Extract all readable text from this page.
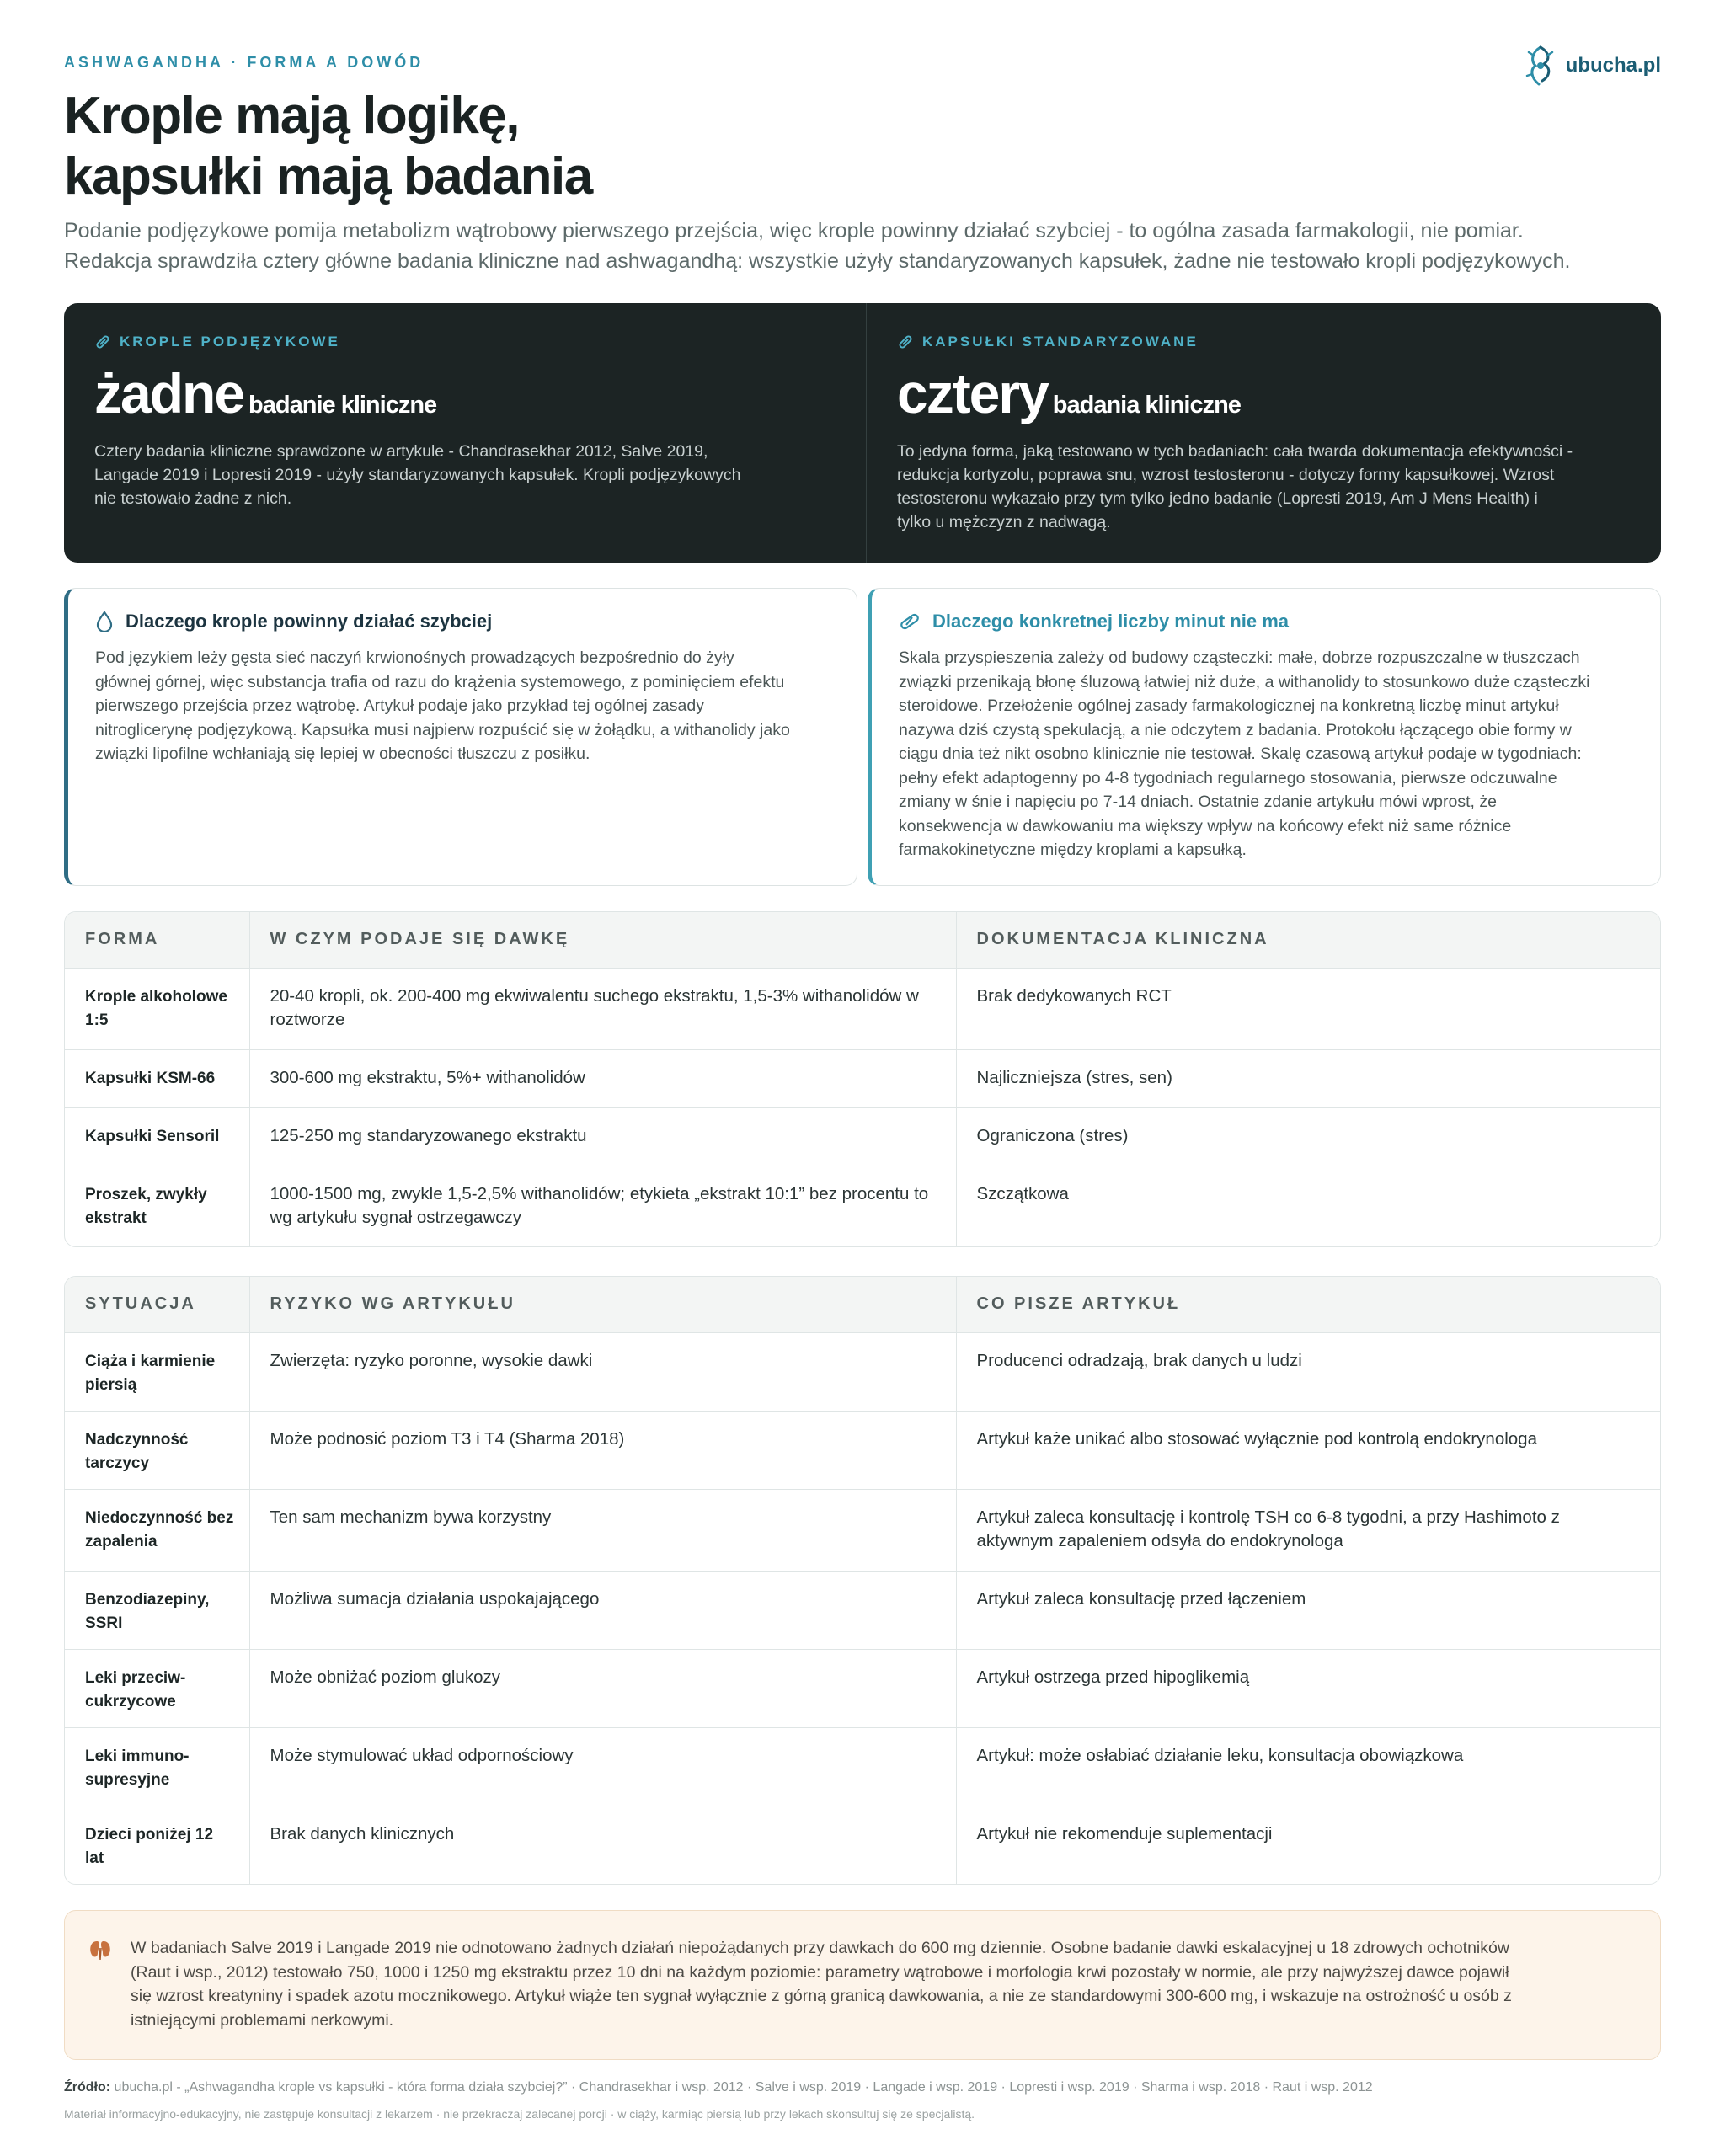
ASHWAGANDHA · FORMA A DOWÓD	ubucha.pl
Krople mają logikę,
kapsułki mają badania

Podanie podjęzykowe pomija metabolizm wątrobowy pierwszego przejścia, więc krople powinny działać szybciej - to ogólna zasada farmakologii, nie pomiar.
Redakcja sprawdziła cztery główne badania kliniczne nad ashwagandhą: wszystkie użyły standaryzowanych kapsułek, żadne nie testowało kropli podjęzykowych.

KROPLE PODJĘZYKOWE
żadne badanie kliniczne

Cztery badania kliniczne sprawdzone w artykule - Chandrasekhar 2012, Salve 2019,
Langade 2019 i Lopresti 2019 - użyły standaryzowanych kapsułek. Kropli podjęzykowych
nie testowało żadne z nich.

KAPSUŁKI STANDARYZOWANE
cztery badania kliniczne

To jedyna forma, jaką testowano w tych badaniach: cała twarda dokumentacja efektywności -
redukcja kortyzolu, poprawa snu, wzrost testosteronu - dotyczy formy kapsułkowej. Wzrost
testosteronu wykazało przy tym tylko jedno badanie (Lopresti 2019, Am J Mens Health) i
tylko u mężczyzn z nadwagą.

Dlaczego krople powinny działać szybciej

Pod językiem leży gęsta sieć naczyń krwionośnych prowadzących bezpośrednio do żyły
głównej górnej, więc substancja trafia od razu do krążenia systemowego, z pominięciem efektu
pierwszego przejścia przez wątrobę. Artykuł podaje jako przykład tej ogólnej zasady
nitroglicerynę podjęzykową. Kapsułka musi najpierw rozpuścić się w żołądku, a withanolidy jako
związki lipofilne wchłaniają się lepiej w obecności tłuszczu z posiłku.

Dlaczego konkretnej liczby minut nie ma

Skala przyspieszenia zależy od budowy cząsteczki: małe, dobrze rozpuszczalne w tłuszczach
związki przenikają błonę śluzową łatwiej niż duże, a withanolidy to stosunkowo duże cząsteczki
steroidowe. Przełożenie ogólnej zasady farmakologicznej na konkretną liczbę minut artykuł
nazywa dziś czystą spekulacją, a nie odczytem z badania. Protokołu łączącego obie formy w
ciągu dnia też nikt osobno klinicznie nie testował. Skalę czasową artykuł podaje w tygodniach:
pełny efekt adaptogenny po 4-8 tygodniach regularnego stosowania, pierwsze odczuwalne
zmiany w śnie i napięciu po 7-14 dniach. Ostatnie zdanie artykułu mówi wprost, że
konsekwencja w dawkowaniu ma większy wpływ na końcowy efekt niż same różnice
farmakokinetyczne między kroplami a kapsułką.

FORMA	W CZYM PODAJE SIĘ DAWKĘ	DOKUMENTACJA KLINICZNA
Krople alkoholowe 1:5	20-40 kropli, ok. 200-400 mg ekwiwalentu suchego ekstraktu, 1,5-3% withanolidów w roztworze	Brak dedykowanych RCT
Kapsułki KSM-66	300-600 mg ekstraktu, 5%+ withanolidów	Najliczniejsza (stres, sen)
Kapsułki Sensoril	125-250 mg standaryzowanego ekstraktu	Ograniczona (stres)
Proszek, zwykły ekstrakt	1000-1500 mg, zwykle 1,5-2,5% withanolidów; etykieta „ekstrakt 10:1” bez procentu to wg artykułu sygnał ostrzegawczy	Szczątkowa
SYTUACJA	RYZYKO WG ARTYKUŁU	CO PISZE ARTYKUŁ
Ciąża i karmienie piersią	Zwierzęta: ryzyko poronne, wysokie dawki	Producenci odradzają, brak danych u ludzi
Nadczynność tarczycy	Może podnosić poziom T3 i T4 (Sharma 2018)	Artykuł każe unikać albo stosować wyłącznie pod kontrolą endokrynologa
Niedoczynność bez zapalenia	Ten sam mechanizm bywa korzystny	Artykuł zaleca konsultację i kontrolę TSH co 6-8 tygodni, a przy Hashimoto z aktywnym zapaleniem odsyła do endokrynologa
Benzodiazepiny, SSRI	Możliwa sumacja działania uspokajającego	Artykuł zaleca konsultację przed łączeniem
Leki przeciw-cukrzycowe	Może obniżać poziom glukozy	Artykuł ostrzega przed hipoglikemią
Leki immuno-supresyjne	Może stymulować układ odpornościowy	Artykuł: może osłabiać działanie leku, konsultacja obowiązkowa
Dzieci poniżej 12 lat	Brak danych klinicznych	Artykuł nie rekomenduje suplementacji

W badaniach Salve 2019 i Langade 2019 nie odnotowano żadnych działań niepożądanych przy dawkach do 600 mg dziennie. Osobne badanie dawki eskalacyjnej u 18 zdrowych ochotników
(Raut i wsp., 2012) testowało 750, 1000 i 1250 mg ekstraktu przez 10 dni na każdym poziomie: parametry wątrobowe i morfologia krwi pozostały w normie, ale przy najwyższej dawce pojawił
się wzrost kreatyniny i spadek azotu mocznikowego. Artykuł wiąże ten sygnał wyłącznie z górną granicą dawkowania, a nie ze standardowymi 300-600 mg, i wskazuje na ostrożność u osób z
istniejącymi problemami nerkowymi.

Źródło: ubucha.pl - „Ashwagandha krople vs kapsułki - która forma działa szybciej?” · Chandrasekhar i wsp. 2012 · Salve i wsp. 2019 · Langade i wsp. 2019 · Lopresti i wsp. 2019 · Sharma i wsp. 2018 · Raut i wsp. 2012
Materiał informacyjno-edukacyjny, nie zastępuje konsultacji z lekarzem · nie przekraczaj zalecanej porcji · w ciąży, karmiąc piersią lub przy lekach skonsultuj się ze specjalistą.
